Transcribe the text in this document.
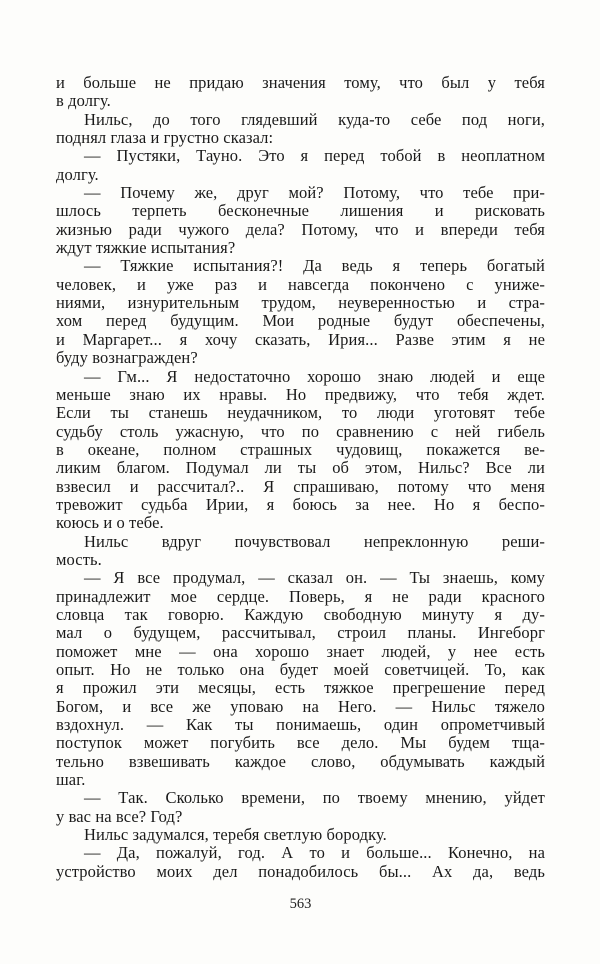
и больше не придаю значения тому, что был у тебя
в долгу.
Нильс, до того глядевший куда-то себе под ноги,
поднял глаза и грустно сказал:
— Пустяки, Тауно. Это я перед тобой в неоплатном
долгу.
— Почему же, друг мой? Потому, что тебе при-
шлось терпеть бесконечные лишения и рисковать
жизнью ради чужого дела? Потому, что и впереди тебя
ждут тяжкие испытания?
— Тяжкие испытания?! Да ведь я теперь богатый
человек, и уже раз и навсегда покончено с униже-
ниями, изнурительным трудом, неуверенностью и стра-
хом перед будущим. Мои родные будут обеспечены,
и Маргарет... я хочу сказать, Ирия... Разве этим я не
буду вознагражден?
— Гм... Я недостаточно хорошо знаю людей и еще
меньше знаю их нравы. Но предвижу, что тебя ждет.
Если ты станешь неудачником, то люди уготовят тебе
судьбу столь ужасную, что по сравнению с ней гибель
в океане, полном страшных чудовищ, покажется ве-
ликим благом. Подумал ли ты об этом, Нильс? Все ли
взвесил и рассчитал?.. Я спрашиваю, потому что меня
тревожит судьба Ирии, я боюсь за нее. Но я беспо-
коюсь и о тебе.
Нильс вдруг почувствовал непреклонную реши-
мость.
— Я все продумал, — сказал он. — Ты знаешь, кому
принадлежит мое сердце. Поверь, я не ради красного
словца так говорю. Каждую свободную минуту я ду-
мал о будущем, рассчитывал, строил планы. Ингеборг
поможет мне — она хорошо знает людей, у нее есть
опыт. Но не только она будет моей советчицей. То, как
я прожил эти месяцы, есть тяжкое прегрешение перед
Богом, и все же уповаю на Него. — Нильс тяжело
вздохнул. — Как ты понимаешь, один опрометчивый
поступок может погубить все дело. Мы будем тща-
тельно взвешивать каждое слово, обдумывать каждый
шаг.
— Так. Сколько времени, по твоему мнению, уйдет
у вас на все? Год?
Нильс задумался, теребя светлую бородку.
— Да, пожалуй, год. А то и больше... Конечно, на
устройство моих дел понадобилось бы... Ах да, ведь
563
